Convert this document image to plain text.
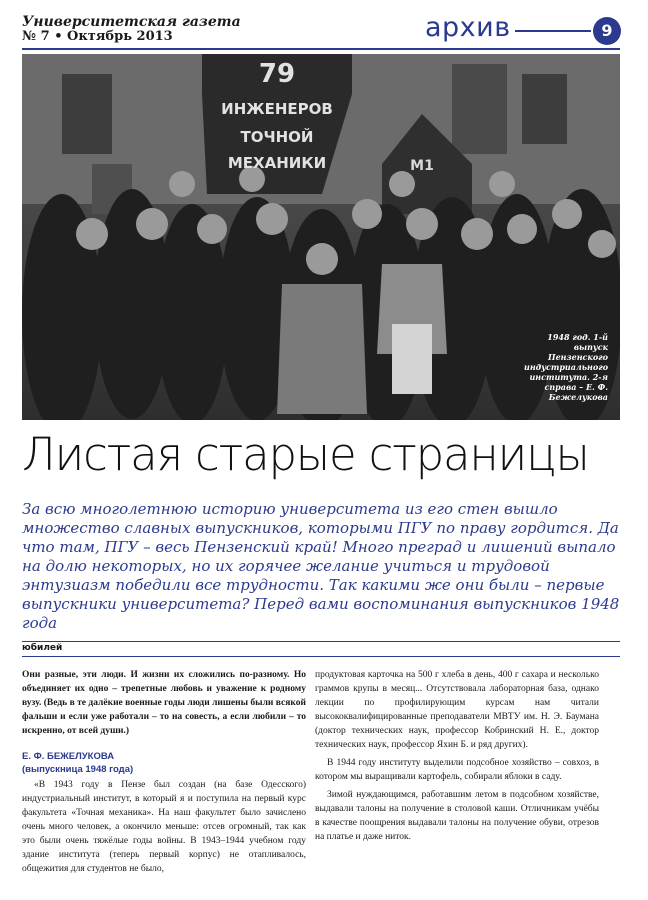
Университетская газета
№ 7 • Октябрь 2013	архив	9
М1
79
ИНЖЕНЕРОВ
ТОЧНОЙ
МЕХАНИКИ
1948 год. 1-й выпуск Пензенского индустриального института. 2-я справа – Е. Ф. Бежелукова
Листая старые страницы

За всю многолетнюю историю университета из его стен вышло множество славных выпускников, которыми ПГУ по праву гордится. Да что там, ПГУ – весь Пензенский край! Много преград и лишений выпало на долю некоторых, но их горячее желание учиться и трудовой энтузиазм победили все трудности. Так какими же они были – первые выпускники университета? Перед вами воспоминания выпускников 1948 года

юбилей

Они разные, эти люди. И жизни их сложились по-разному. Но объединяет их одно – трепетные любовь и уважение к родному вузу. (Ведь в те далёкие военные годы люди лишены были всякой фальши и если уже работали – то на совесть, а если любили – то искренно, от всей души.)

Е. Ф. БЕЖЕЛУКОВА

(выпускница 1948 года)

«В 1943 году в Пензе был создан (на базе Одесского) индустриальный институт, в который я и поступила на первый курс факультета «Точная механика». На наш факультет было зачислено очень много человек, а окончило меньше: отсев огромный, так как это были очень тяжёлые годы войны. В 1943–1944 учебном году здание института (теперь первый корпус) не отапливалось, общежития для студентов не было,

продуктовая карточка на 500 г хлеба в день, 400 г сахара и несколько граммов крупы в месяц... Отсутствовала лабораторная база, однако лекции по профилирующим курсам нам читали высококвалифицированные преподаватели МВТУ им. Н. Э. Баумана (доктор технических наук, профессор Кобринский Н. Е., доктор технических наук, профессор Яхин Б. и ряд других).

В 1944 году институту выделили подсобное хозяйство – совхоз, в котором мы выращивали картофель, собирали яблоки в саду.

Зимой нуждающимся, работавшим летом в подсобном хозяйстве, выдавали талоны на получение в столовой каши. Отличникам учёбы в качестве поощрения выдавали талоны на получение обуви, отрезов на платье и даже ниток.
